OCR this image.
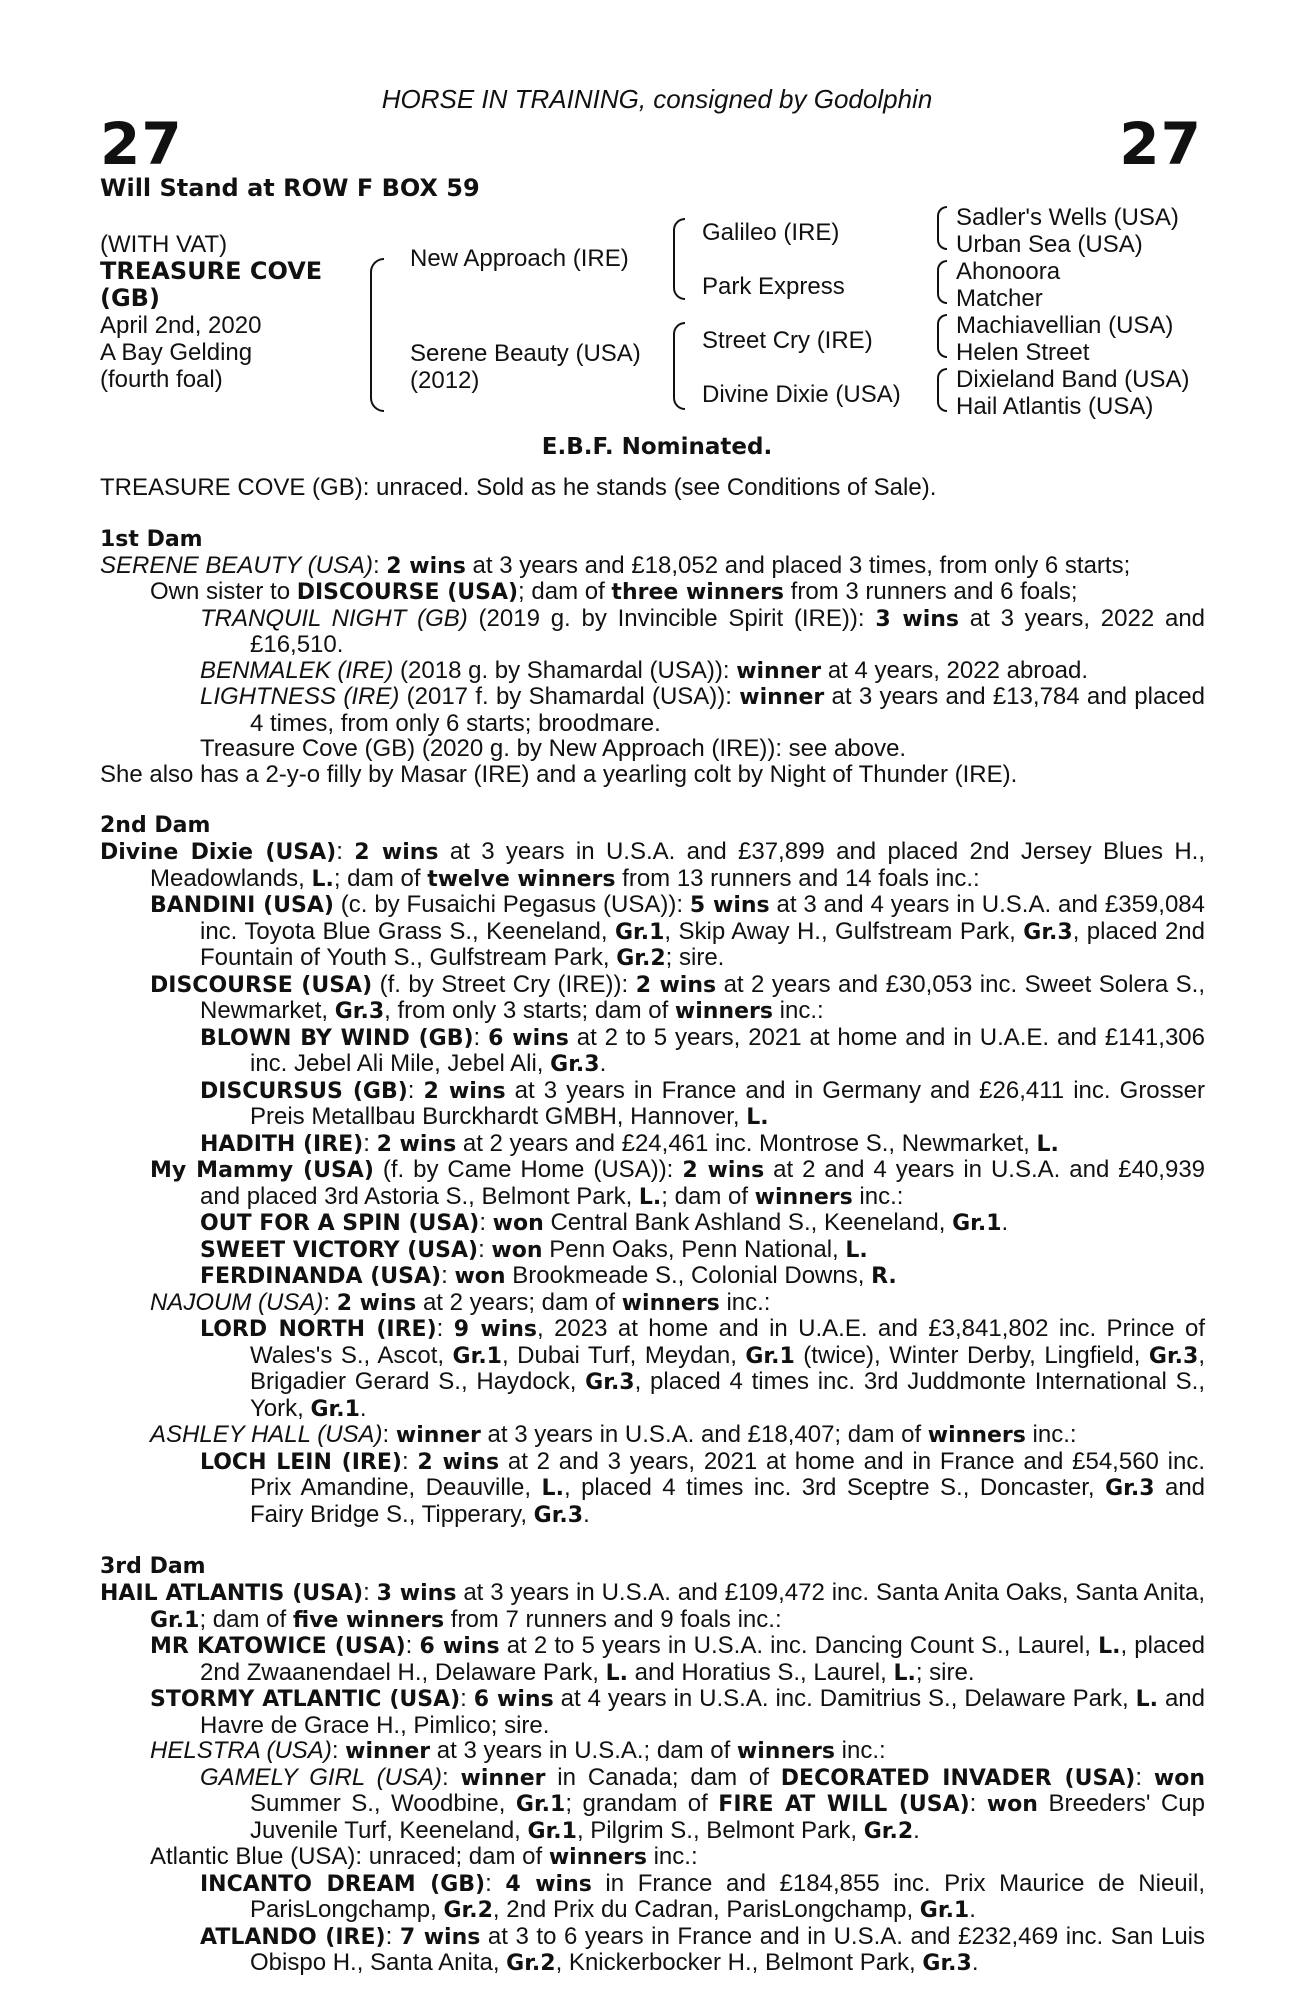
HORSE IN TRAINING, consigned by Godolphin
27	27
Will Stand at ROW F BOX 59
(WITH VAT)
TREASURE COVE
(GB)
April 2nd, 2020
A Bay Gelding
(fourth foal)
New Approach (IRE)
Serene Beauty (USA)
(2012)
Galileo (IRE)
Park Express
Street Cry (IRE)
Divine Dixie (USA)
Sadler's Wells (USA)
Urban Sea (USA)
Ahonoora
Matcher
Machiavellian (USA)
Helen Street
Dixieland Band (USA)
Hail Atlantis (USA)
E.B.F. Nominated.

TREASURE COVE (GB): unraced. Sold as he stands (see Conditions of Sale).

1st Dam

SERENE BEAUTY (USA): 2 wins at 3 years and £18,052 and placed 3 times, from only 6 starts;

Own sister to DISCOURSE (USA); dam of three winners from 3 runners and 6 foals;

TRANQUIL NIGHT (GB) (2019 g. by Invincible Spirit (IRE)): 3 wins at 3 years, 2022 and £16,510.

BENMALEK (IRE) (2018 g. by Shamardal (USA)): winner at 4 years, 2022 abroad.

LIGHTNESS (IRE) (2017 f. by Shamardal (USA)): winner at 3 years and £13,784 and placed 4 times, from only 6 starts; broodmare.

Treasure Cove (GB) (2020 g. by New Approach (IRE)): see above.

She also has a 2-y-o filly by Masar (IRE) and a yearling colt by Night of Thunder (IRE).

2nd Dam

Divine Dixie (USA): 2 wins at 3 years in U.S.A. and £37,899 and placed 2nd Jersey Blues H., Meadowlands, L.; dam of twelve winners from 13 runners and 14 foals inc.:

BANDINI (USA) (c. by Fusaichi Pegasus (USA)): 5 wins at 3 and 4 years in U.S.A. and £359,084 inc. Toyota Blue Grass S., Keeneland, Gr.1, Skip Away H., Gulfstream Park, Gr.3, placed 2nd Fountain of Youth S., Gulfstream Park, Gr.2; sire.

DISCOURSE (USA) (f. by Street Cry (IRE)): 2 wins at 2 years and £30,053 inc. Sweet Solera S., Newmarket, Gr.3, from only 3 starts; dam of winners inc.:

BLOWN BY WIND (GB): 6 wins at 2 to 5 years, 2021 at home and in U.A.E. and £141,306 inc. Jebel Ali Mile, Jebel Ali, Gr.3.

DISCURSUS (GB): 2 wins at 3 years in France and in Germany and £26,411 inc. Grosser Preis Metallbau Burckhardt GMBH, Hannover, L.

HADITH (IRE): 2 wins at 2 years and £24,461 inc. Montrose S., Newmarket, L.

My Mammy (USA) (f. by Came Home (USA)): 2 wins at 2 and 4 years in U.S.A. and £40,939 and placed 3rd Astoria S., Belmont Park, L.; dam of winners inc.:

OUT FOR A SPIN (USA): won Central Bank Ashland S., Keeneland, Gr.1.

SWEET VICTORY (USA): won Penn Oaks, Penn National, L.

FERDINANDA (USA): won Brookmeade S., Colonial Downs, R.

NAJOUM (USA): 2 wins at 2 years; dam of winners inc.:

LORD NORTH (IRE): 9 wins, 2023 at home and in U.A.E. and £3,841,802 inc. Prince of Wales's S., Ascot, Gr.1, Dubai Turf, Meydan, Gr.1 (twice), Winter Derby, Lingfield, Gr.3, Brigadier Gerard S., Haydock, Gr.3, placed 4 times inc. 3rd Juddmonte International S., York, Gr.1.

ASHLEY HALL (USA): winner at 3 years in U.S.A. and £18,407; dam of winners inc.:

LOCH LEIN (IRE): 2 wins at 2 and 3 years, 2021 at home and in France and £54,560 inc. Prix Amandine, Deauville, L., placed 4 times inc. 3rd Sceptre S., Doncaster, Gr.3 and Fairy Bridge S., Tipperary, Gr.3.

3rd Dam

HAIL ATLANTIS (USA): 3 wins at 3 years in U.S.A. and £109,472 inc. Santa Anita Oaks, Santa Anita, Gr.1; dam of five winners from 7 runners and 9 foals inc.:

MR KATOWICE (USA): 6 wins at 2 to 5 years in U.S.A. inc. Dancing Count S., Laurel, L., placed 2nd Zwaanendael H., Delaware Park, L. and Horatius S., Laurel, L.; sire.

STORMY ATLANTIC (USA): 6 wins at 4 years in U.S.A. inc. Damitrius S., Delaware Park, L. and Havre de Grace H., Pimlico; sire.

HELSTRA (USA): winner at 3 years in U.S.A.; dam of winners inc.:

GAMELY GIRL (USA): winner in Canada; dam of DECORATED INVADER (USA): won Summer S., Woodbine, Gr.1; grandam of FIRE AT WILL (USA): won Breeders' Cup Juvenile Turf, Keeneland, Gr.1, Pilgrim S., Belmont Park, Gr.2.

Atlantic Blue (USA): unraced; dam of winners inc.:

INCANTO DREAM (GB): 4 wins in France and £184,855 inc. Prix Maurice de Nieuil, ParisLongchamp, Gr.2, 2nd Prix du Cadran, ParisLongchamp, Gr.1.

ATLANDO (IRE): 7 wins at 3 to 6 years in France and in U.S.A. and £232,469 inc. San Luis Obispo H., Santa Anita, Gr.2, Knickerbocker H., Belmont Park, Gr.3.
